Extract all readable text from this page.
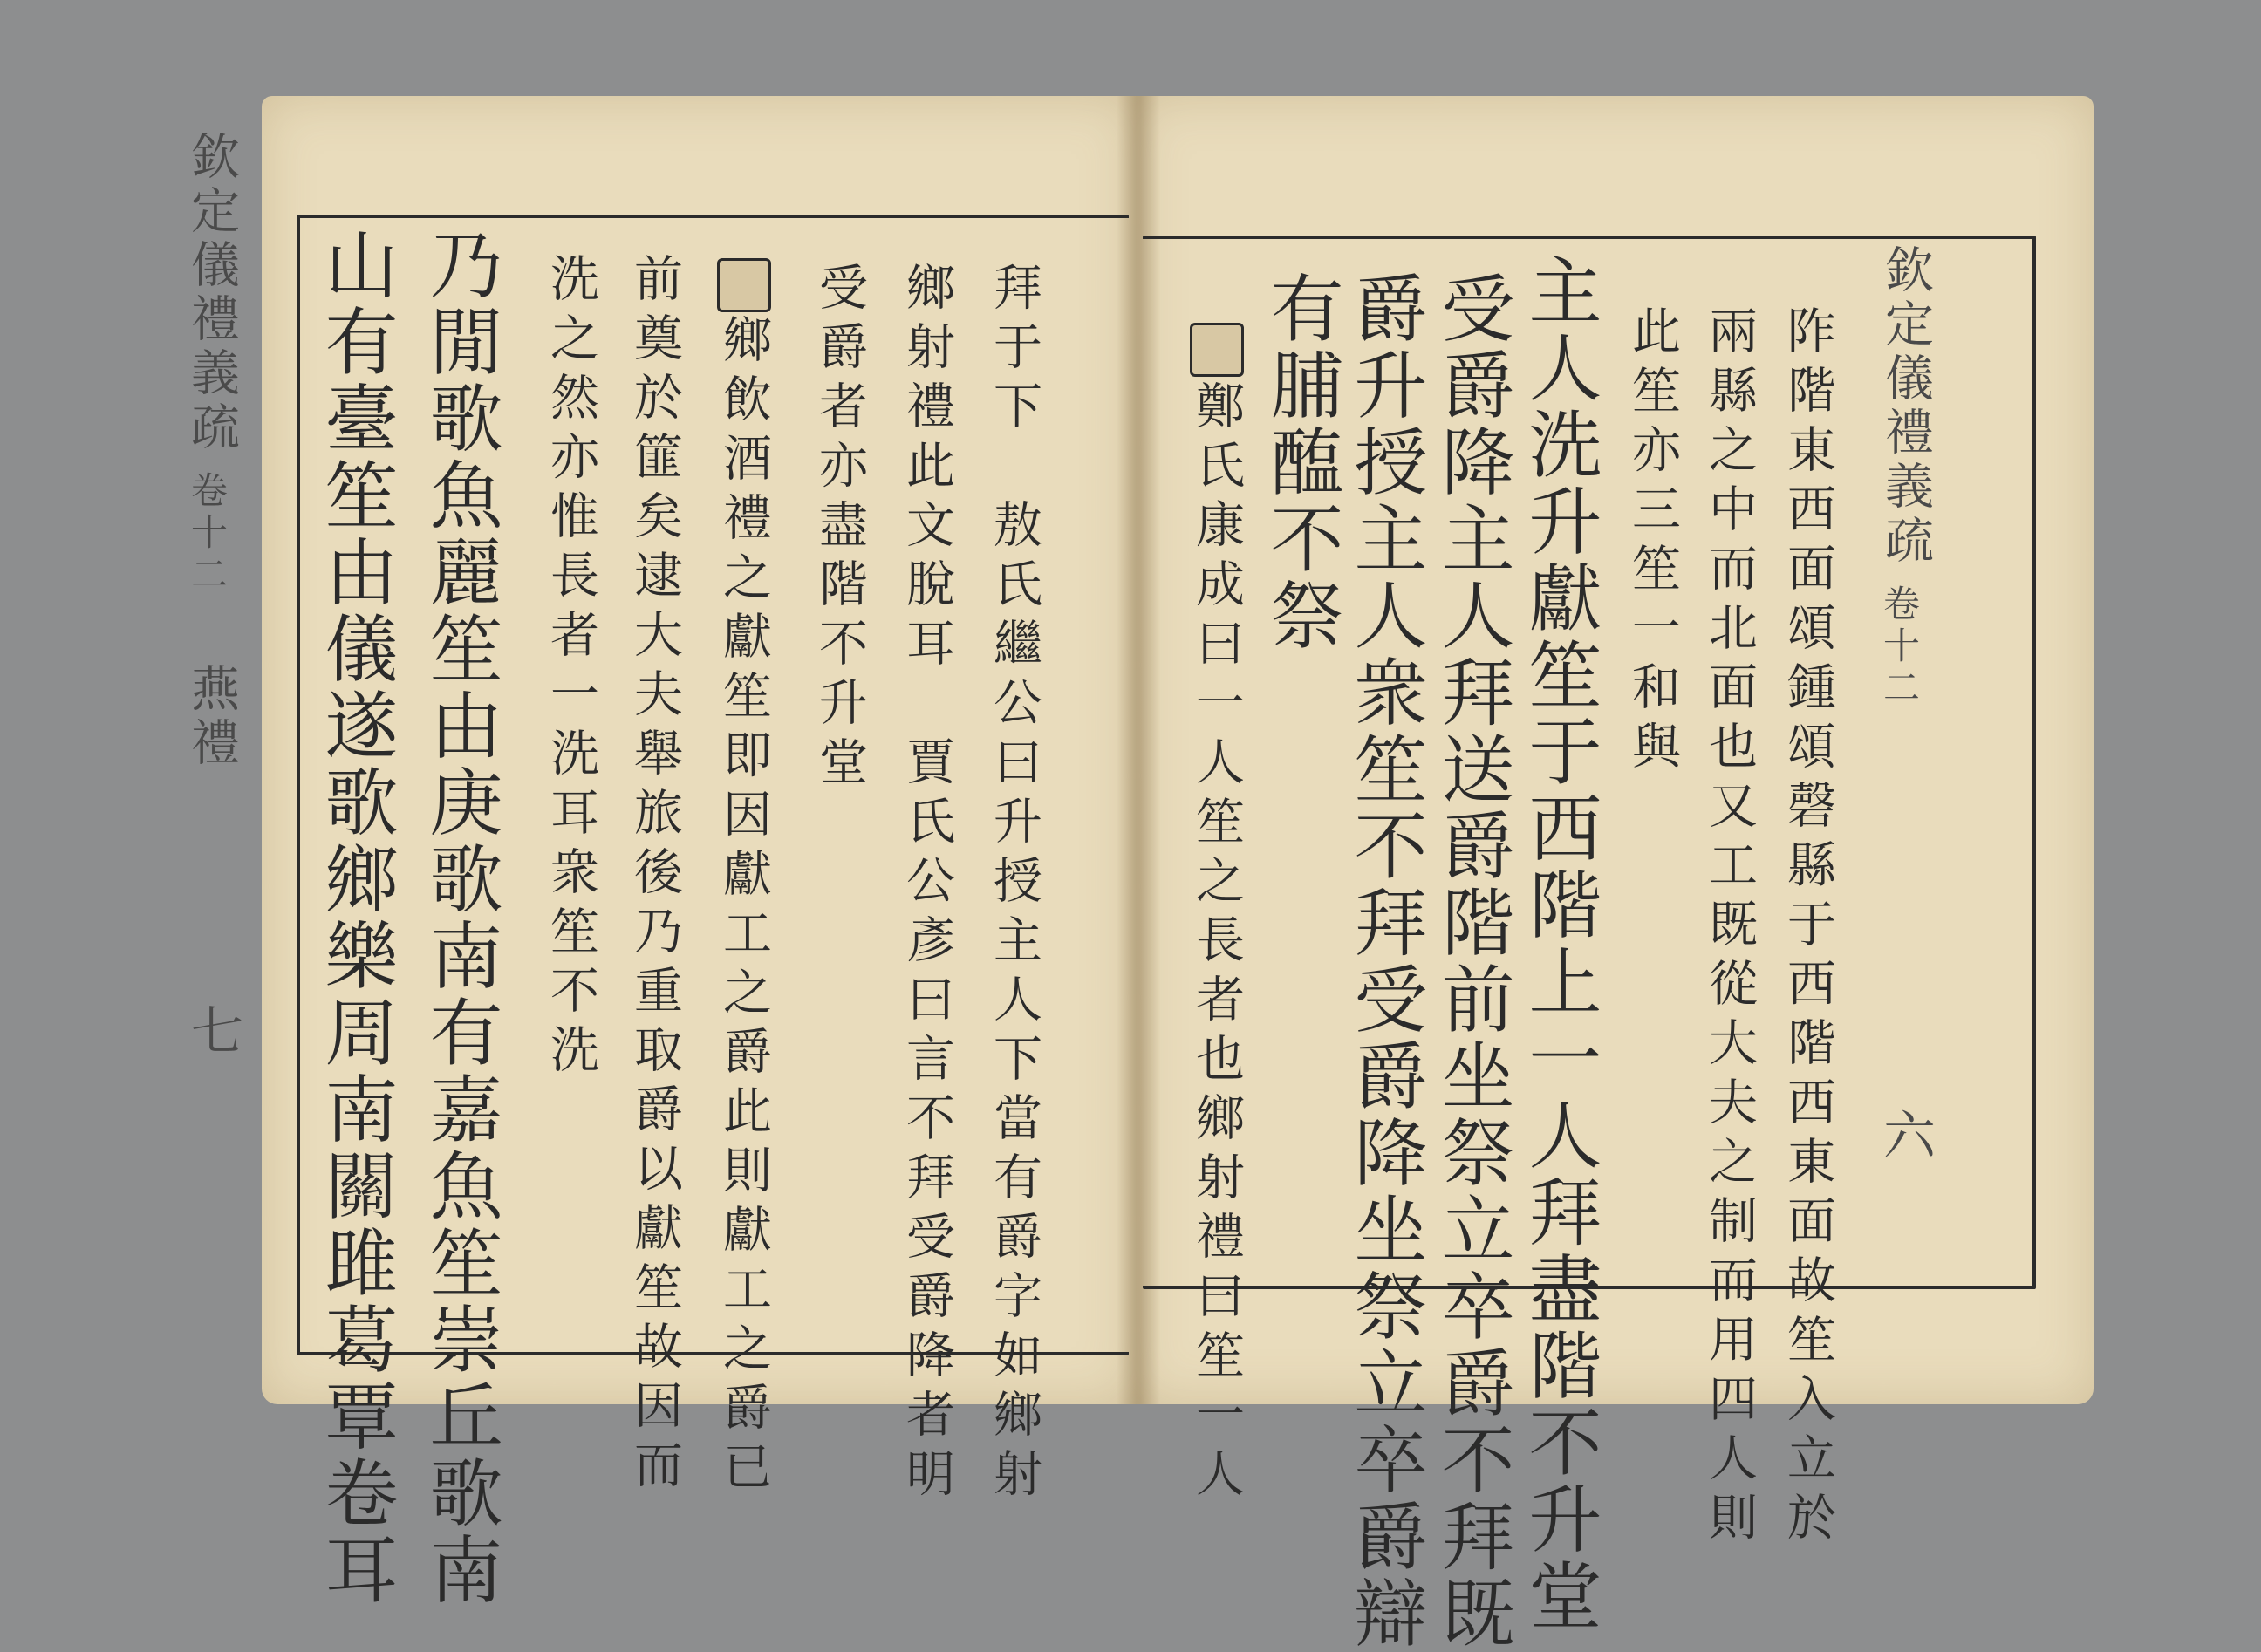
欽定儀禮義疏
卷十二
燕禮
七 山有臺笙由儀遂歌鄉樂周南關雎葛覃卷耳 乃閒歌魚麗笙由庚歌南有嘉魚笙崇丘歌南 洗之然亦惟長者一洗耳衆笙不洗 前奠於篚矣逮大夫舉旅後乃重取爵以獻笙故因而 鄉飲酒禮之獻笙即因獻工之爵此則獻工之爵已 受爵者亦盡階不升堂 鄉射禮此文脫耳　賈氏公彥曰言不拜受爵降者明 拜于下　敖氏繼公曰升授主人下當有爵字如鄉射	鄭氏康成曰一人笙之長者也鄉射禮曰笙一人 有脯醢不祭
爵升授主人衆笙不拜受爵降坐祭立卒爵辯 受爵降主人拜送爵階前坐祭立卒爵不拜既 主人洗升獻笙于西階上一人拜盡階不升堂 此笙亦三笙一和與 兩縣之中而北面也又工既從大夫之制而用四人則 阼階東西面頌鍾頌磬縣于西階西東面故笙入立於 欽定儀禮義疏
卷十二
六
